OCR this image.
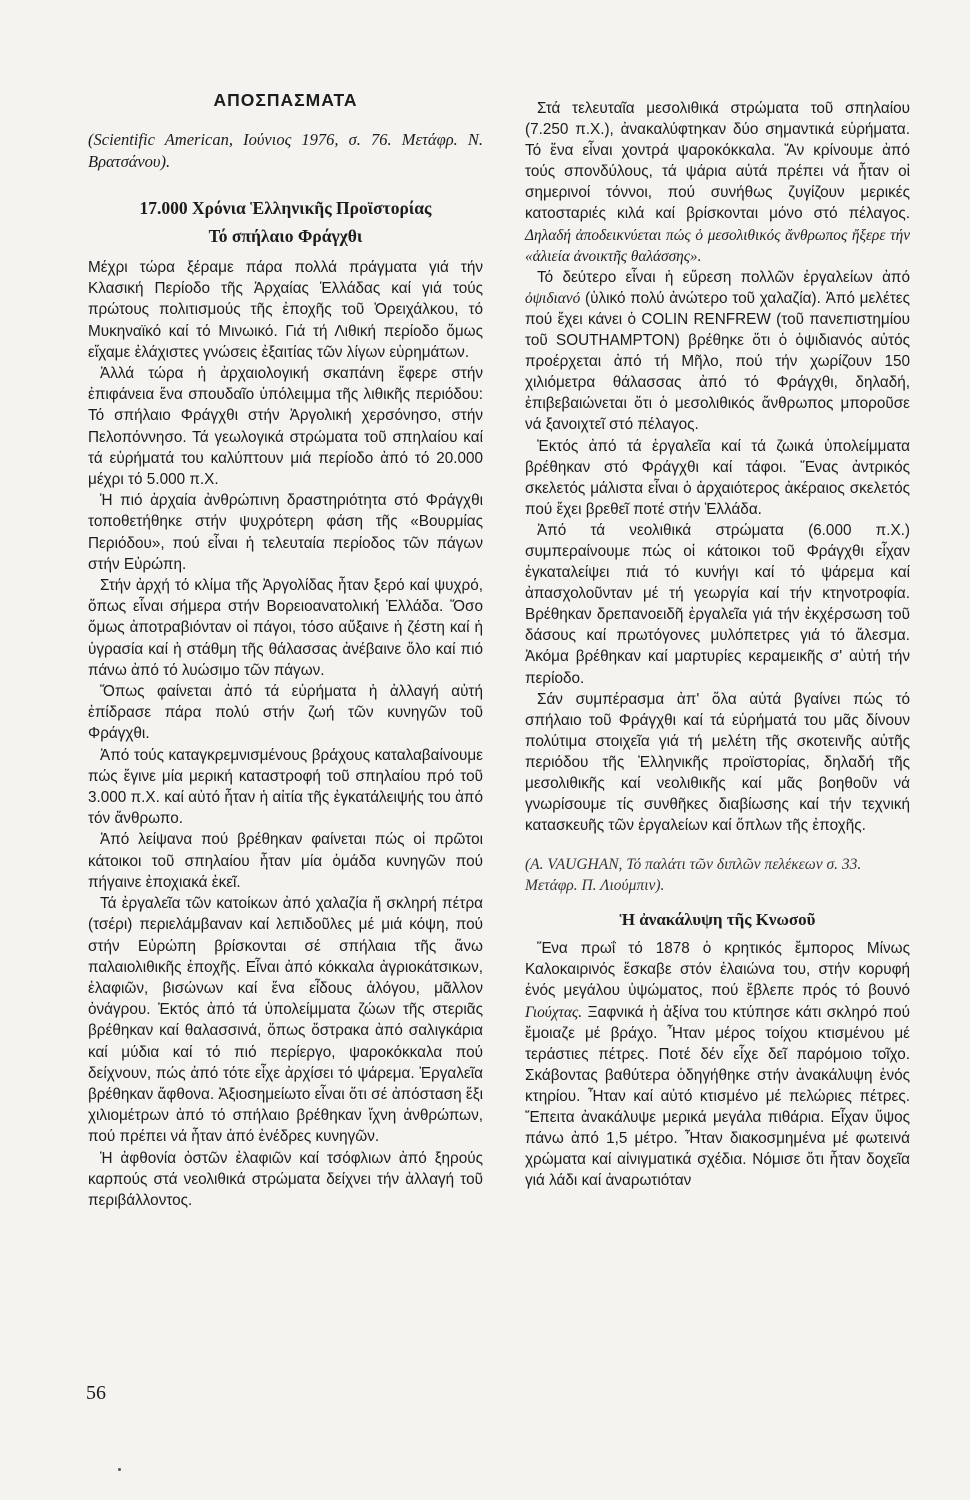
ΑΠΟΣΠΑΣΜΑΤΑ

(Scientific American, Ιούνιος 1976, σ. 76. Μετάφρ. Ν. Βρατσάνου).

17.000 Χρόνια Ἑλληνικῆς Προϊστορίας
Τό σπήλαιο Φράγχθι

Μέχρι τώρα ξέραμε πάρα πολλά πράγματα γιά τήν Κλασική Περίοδο τῆς Ἀρχαίας Ἑλλάδας καί γιά τούς πρώτους πολιτισμούς τῆς ἐποχῆς τοῦ Ὀρειχάλκου, τό Μυκηναϊκό καί τό Μινωικό. Γιά τή Λιθική περίοδο ὅμως εἴχαμε ἐλάχιστες γνώσεις ἐξαιτίας τῶν λίγων εὑρημάτων.

Ἀλλά τώρα ἡ ἀρχαιολογική σκαπάνη ἔφερε στήν ἐπιφάνεια ἕνα σπουδαῖο ὑπόλειμμα τῆς λιθικῆς περιόδου: Τό σπήλαιο Φράγχθι στήν Ἀργολική χερσόνησο, στήν Πελοπόννησο. Τά γεωλογικά στρώματα τοῦ σπηλαίου καί τά εὑρήματά του καλύπτουν μιά περίοδο ἀπό τό 20.000 μέχρι τό 5.000 π.Χ.

Ἡ πιό ἀρχαία ἀνθρώπινη δραστηριότητα στό Φράγχθι τοποθετήθηκε στήν ψυχρότερη φάση τῆς «Βουρμίας Περιόδου», πού εἶναι ἡ τελευταία περίοδος τῶν πάγων στήν Εὐρώπη.

Στήν ἀρχή τό κλίμα τῆς Ἀργολίδας ἦταν ξερό καί ψυχρό, ὅπως εἶναι σήμερα στήν Βορειοανατολική Ἑλλάδα. Ὅσο ὅμως ἀποτραβιόνταν οἱ πάγοι, τόσο αὔξαινε ἡ ζέστη καί ἡ ὑγρασία καί ἡ στάθμη τῆς θάλασσας ἀνέβαινε ὅλο καί πιό πάνω ἀπό τό λυώσιμο τῶν πάγων.

Ὅπως φαίνεται ἀπό τά εὑρήματα ἡ ἀλλαγή αὐτή ἐπίδρασε πάρα πολύ στήν ζωή τῶν κυνηγῶν τοῦ Φράγχθι.

Ἀπό τούς καταγκρεμνισμένους βράχους καταλαβαίνουμε πώς ἔγινε μία μερική καταστροφή τοῦ σπηλαίου πρό τοῦ 3.000 π.Χ. καί αὐτό ἦταν ἡ αἰτία τῆς ἐγκατάλειψής του ἀπό τόν ἄνθρωπο.

Ἀπό λείψανα πού βρέθηκαν φαίνεται πώς οἱ πρῶτοι κάτοικοι τοῦ σπηλαίου ἦταν μία ὁμάδα κυνηγῶν πού πήγαινε ἐποχιακά ἐκεῖ.

Τά ἐργαλεῖα τῶν κατοίκων ἀπό χαλαζία ἤ σκληρή πέτρα (τσέρι) περιελάμβαναν καί λεπιδοῦλες μέ μιά κόψη, πού στήν Εὐρώπη βρίσκονται σέ σπήλαια τῆς ἄνω παλαιολιθικῆς ἐποχῆς. Εἶναι ἀπό κόκκαλα ἀγριοκάτσικων, ἐλαφιῶν, βισώνων καί ἕνα εἶδους ἀλόγου, μᾶλλον ὀνάγρου. Ἐκτός ἀπό τά ὑπολείμματα ζώων τῆς στεριᾶς βρέθηκαν καί θαλασσινά, ὅπως ὄστρακα ἀπό σαλιγκάρια καί μύδια καί τό πιό περίεργο, ψαροκόκκαλα πού δείχνουν, πώς ἀπό τότε εἶχε ἀρχίσει τό ψάρεμα. Ἐργαλεῖα βρέθηκαν ἄφθονα. Ἀξιοσημείωτο εἶναι ὅτι σέ ἀπόσταση ἕξι χιλιομέτρων ἀπό τό σπήλαιο βρέθηκαν ἴχνη ἀνθρώπων, πού πρέπει νά ἦταν ἀπό ἐνέδρες κυνηγῶν.

Ἡ ἀφθονία ὀστῶν ἐλαφιῶν καί τσόφλιων ἀπό ξηρούς καρπούς στά νεολιθικά στρώματα δείχνει τήν ἀλλαγή τοῦ περιβάλλοντος.

Στά τελευταῖα μεσολιθικά στρώματα τοῦ σπηλαίου (7.250 π.Χ.), ἀνακαλύφτηκαν δύο σημαντικά εὑρήματα. Τό ἕνα εἶναι χοντρά ψαροκόκκαλα. Ἄν κρίνουμε ἀπό τούς σπονδύλους, τά ψάρια αὐτά πρέπει νά ἦταν οἱ σημερινοί τόννοι, πού συνήθως ζυγίζουν μερικές κατοσταριές κιλά καί βρίσκονται μόνο στό πέλαγος. Δηλαδή ἀποδεικνύεται πώς ὁ μεσολιθικός ἄνθρωπος ἤξερε τήν «ἁλιεία ἀνοικτῆς θαλάσσης».

Τό δεύτερο εἶναι ἡ εὕρεση πολλῶν ἐργαλείων ἀπό ὀψιδιανό (ὑλικό πολύ ἀνώτερο τοῦ χαλαζία). Ἀπό μελέτες πού ἔχει κάνει ὁ COLIN RENFREW (τοῦ πανεπιστημίου τοῦ SOUTHAMPTON) βρέθηκε ὅτι ὁ ὀψιδιανός αὐτός προέρχεται ἀπό τή Μῆλο, πού τήν χωρίζουν 150 χιλιόμετρα θάλασσας ἀπό τό Φράγχθι, δηλαδή, ἐπιβεβαιώνεται ὅτι ὁ μεσολιθικός ἄνθρωπος μποροῦσε νά ξανοιχτεῖ στό πέλαγος.

Ἐκτός ἀπό τά ἐργαλεῖα καί τά ζωικά ὑπολείμματα βρέθηκαν στό Φράγχθι καί τάφοι. Ἕνας ἀντρικός σκελετός μάλιστα εἶναι ὁ ἀρχαιότερος ἀκέραιος σκελετός πού ἔχει βρεθεῖ ποτέ στήν Ἑλλάδα.

Ἀπό τά νεολιθικά στρώματα (6.000 π.Χ.) συμπεραίνουμε πώς οἱ κάτοικοι τοῦ Φράγχθι εἶχαν ἐγκαταλείψει πιά τό κυνήγι καί τό ψάρεμα καί ἀπασχολοῦνταν μέ τή γεωργία καί τήν κτηνοτροφία. Βρέθηκαν δρεπανοειδῆ ἐργαλεῖα γιά τήν ἐκχέρσωση τοῦ δάσους καί πρωτόγονες μυλόπετρες γιά τό ἄλεσμα. Ἀκόμα βρέθηκαν καί μαρτυρίες κεραμεικῆς σ' αὐτή τήν περίοδο.

Σάν συμπέρασμα ἀπ' ὅλα αὐτά βγαίνει πώς τό σπήλαιο τοῦ Φράγχθι καί τά εὑρήματά του μᾶς δίνουν πολύτιμα στοιχεῖα γιά τή μελέτη τῆς σκοτεινῆς αὐτῆς περιόδου τῆς Ἑλληνικῆς προϊστορίας, δηλαδή τῆς μεσολιθικῆς καί νεολιθικῆς καί μᾶς βοηθοῦν νά γνωρίσουμε τίς συνθῆκες διαβίωσης καί τήν τεχνική κατασκευῆς τῶν ἐργαλείων καί ὅπλων τῆς ἐποχῆς.

(A. VAUGHAN, Τό παλάτι τῶν διπλῶν πελέκεων σ. 33. Μετάφρ. Π. Λιούμπιν).

Ἡ ἀνακάλυψη τῆς Κνωσοῦ

Ἕνα πρωΐ τό 1878 ὁ κρητικός ἔμπορος Μίνως Καλοκαιρινός ἔσκαβε στόν ἐλαιώνα του, στήν κορυφή ἑνός μεγάλου ὑψώματος, πού ἔβλεπε πρός τό βουνό Γιούχτας. Ξαφνικά ἡ ἀξίνα του κτύπησε κάτι σκληρό πού ἔμοιαζε μέ βράχο. Ἦταν μέρος τοίχου κτισμένου μέ τεράστιες πέτρες. Ποτέ δέν εἶχε δεῖ παρόμοιο τοῖχο. Σκάβοντας βαθύτερα ὁδηγήθηκε στήν ἀνακάλυψη ἑνός κτηρίου. Ἦταν καί αὐτό κτισμένο μέ πελώριες πέτρες. Ἔπειτα ἀνακάλυψε μερικά μεγάλα πιθάρια. Εἶχαν ὕψος πάνω ἀπό 1,5 μέτρο. Ἦταν διακοσμημένα μέ φωτεινά χρώματα καί αἰνιγματικά σχέδια. Νόμισε ὅτι ἦταν δοχεῖα γιά λάδι καί ἀναρωτιόταν

56
